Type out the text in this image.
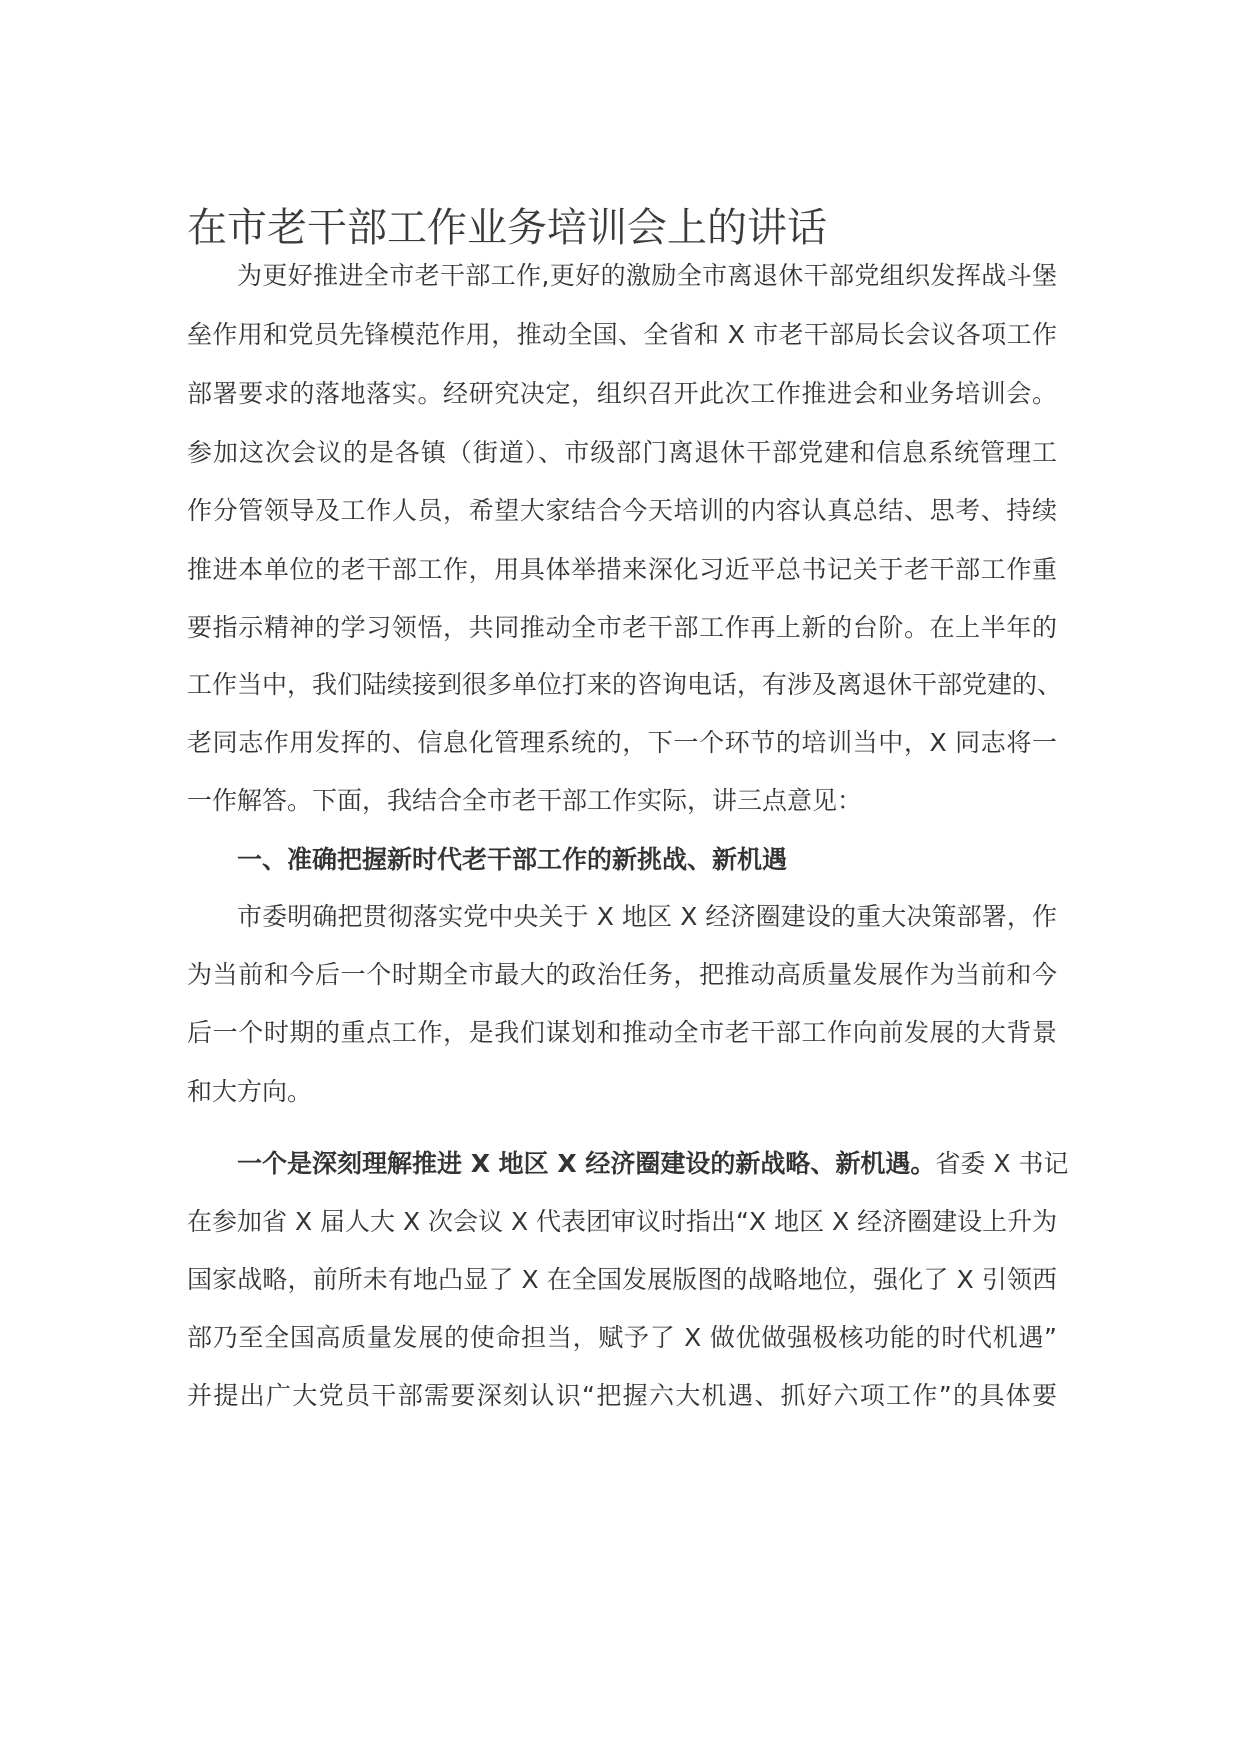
在市老干部工作业务培训会上的讲话

为更好推进全市老干部工作,更好的激励全市离退休干部党组织发挥战斗堡

垒作用和党员先锋模范作用，推动全国、全省和 X 市老干部局长会议各项工作

部署要求的落地落实。经研究决定，组织召开此次工作推进会和业务培训会。

参加这次会议的是各镇（街道）、市级部门离退休干部党建和信息系统管理工

作分管领导及工作人员，希望大家结合今天培训的内容认真总结、思考、持续

推进本单位的老干部工作，用具体举措来深化习近平总书记关于老干部工作重

要指示精神的学习领悟，共同推动全市老干部工作再上新的台阶。在上半年的

工作当中，我们陆续接到很多单位打来的咨询电话，有涉及离退休干部党建的、

老同志作用发挥的、信息化管理系统的，下一个环节的培训当中，X 同志将一

一作解答。下面，我结合全市老干部工作实际，讲三点意见：

一、准确把握新时代老干部工作的新挑战、新机遇

市委明确把贯彻落实党中央关于 X 地区 X 经济圈建设的重大决策部署，作

为当前和今后一个时期全市最大的政治任务，把推动高质量发展作为当前和今

后一个时期的重点工作，是我们谋划和推动全市老干部工作向前发展的大背景

和大方向。

一个是深刻理解推进 X 地区 X 经济圈建设的新战略、新机遇。省委 X 书记

在参加省 X 届人大 X 次会议 X 代表团审议时指出“X 地区 X 经济圈建设上升为

国家战略，前所未有地凸显了 X 在全国发展版图的战略地位，强化了 X 引领西

部乃至全国高质量发展的使命担当，赋予了 X 做优做强极核功能的时代机遇”

并提出广大党员干部需要深刻认识“把握六大机遇、抓好六项工作”的具体要
